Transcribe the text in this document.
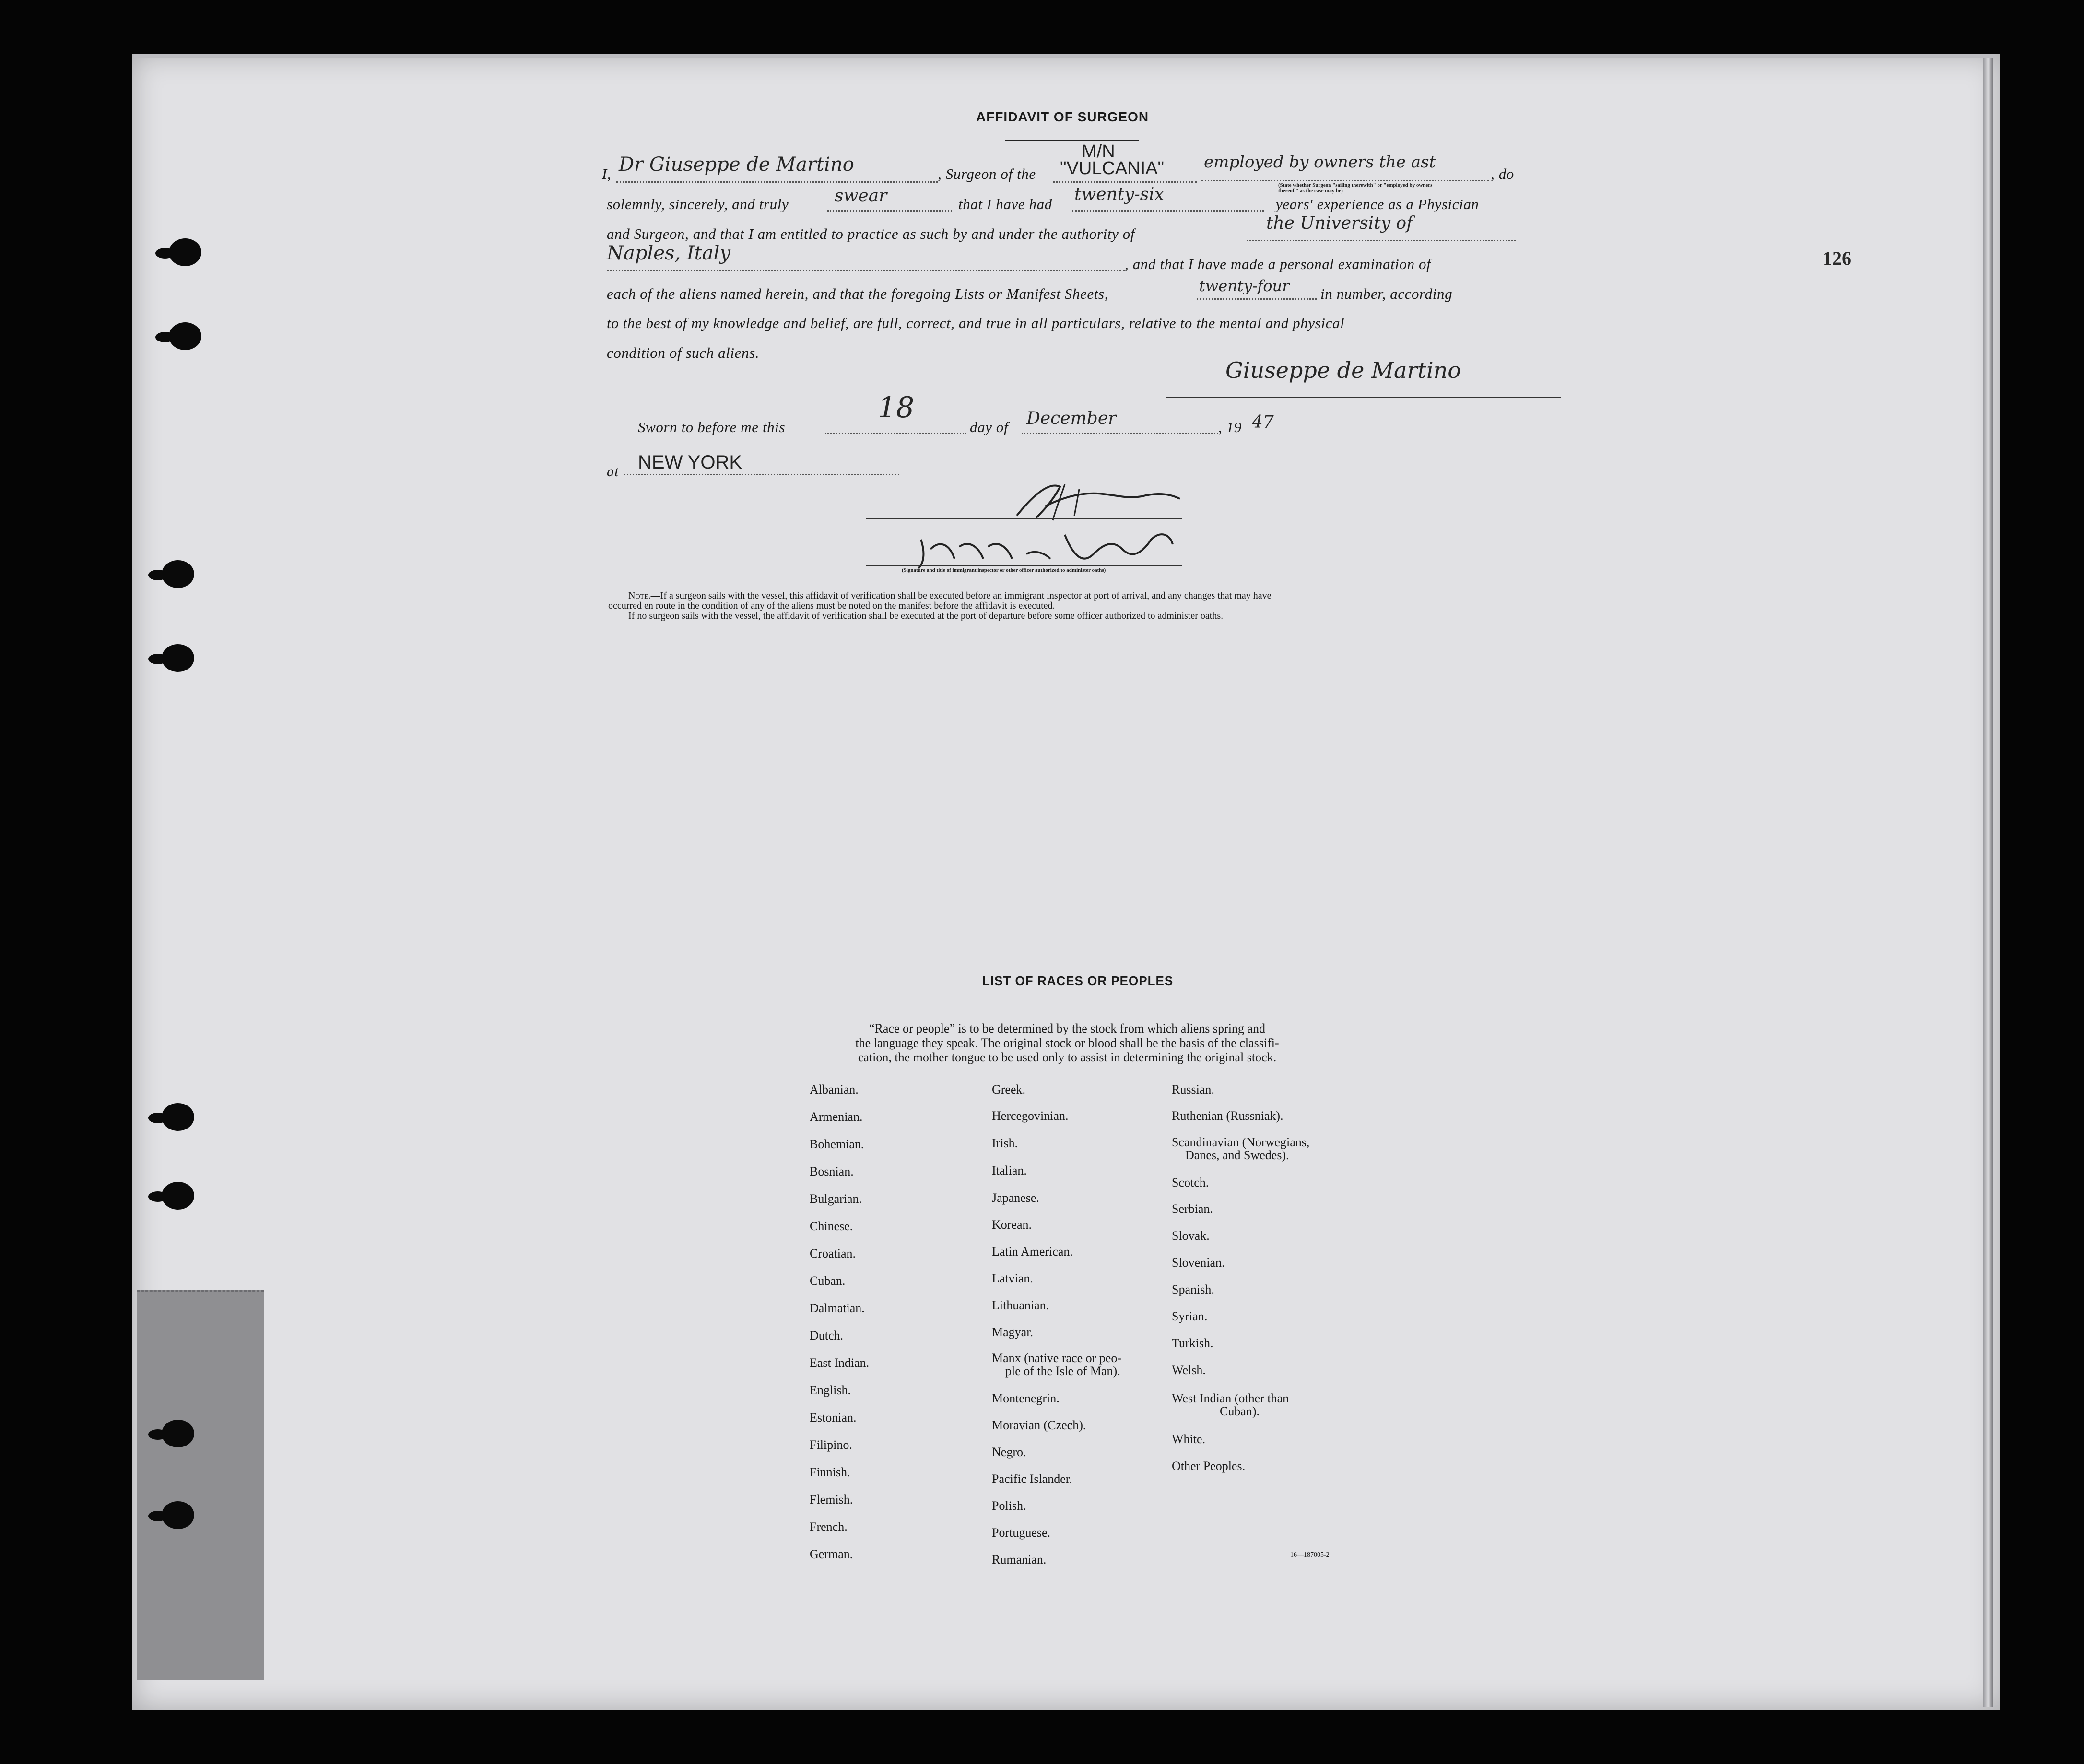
126
AFFIDAVIT OF SURGEON
I, Dr Giuseppe de Martino	, Surgeon of the
M/N
"VULCANIA" employed by owners the ast
(State whether Surgeon "sailing therewith" or "employed by owners thereof," as the case may be)
, do
solemnly, sincerely, and truly	swear	that I have had twenty-six	years' experience as a Physician
and Surgeon, and that I am entitled to practice as such by and under the authority of
the University of
Naples, Italy	, and that I have made a personal examination of
each of the aliens named herein, and that the foregoing Lists or Manifest Sheets,	twenty-four in number, according
to the best of my knowledge and belief, are full, correct, and true in all particulars, relative to the mental and physical
condition of such aliens.
Giuseppe de Martino
Sworn to before me this
18
day of December	, 19 47
at NEW YORK
(Signature and title of immigrant inspector or other officer authorized to administer oaths)
Note.—If a surgeon sails with the vessel, this affidavit of verification shall be executed before an immigrant inspector at port of arrival, and any changes that may have
occurred en route in the condition of any of the aliens must be noted on the manifest before the affidavit is executed.
If no surgeon sails with the vessel, the affidavit of verification shall be executed at the port of departure before some officer authorized to administer oaths.
LIST OF RACES OR PEOPLES
“Race or people” is to be determined by the stock from which aliens spring and
the language they speak. The original stock or blood shall be the basis of the classifi-
cation, the mother tongue to be used only to assist in determining the original stock.
Albanian.
Armenian.
Bohemian.
Bosnian.
Bulgarian.
Chinese.
Croatian.
Cuban.
Dalmatian.
Dutch.
East Indian.
English.
Estonian.
Filipino.
Finnish.
Flemish.
French.
German.
Greek.
Hercegovinian.
Irish.
Italian.
Japanese.
Korean.
Latin American.
Latvian.
Lithuanian.
Magyar.
Manx (native race or peo-
ple of the Isle of Man).
Montenegrin.
Moravian (Czech).
Negro.
Pacific Islander.
Polish.
Portuguese.
Rumanian.
Russian.
Ruthenian (Russniak).
Scandinavian (Norwegians,
Danes, and Swedes).
Scotch.
Serbian.
Slovak.
Slovenian.
Spanish.
Syrian.
Turkish.
Welsh.
West Indian (other than
Cuban).
White.
Other Peoples.
16—187005-2
